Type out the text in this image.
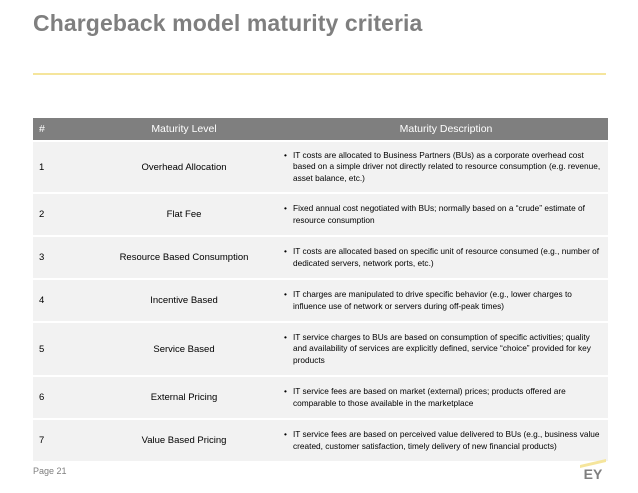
Chargeback model maturity criteria
#	Maturity Level	Maturity Description
1	Overhead Allocation	• IT costs are allocated to Business Partners (BUs) as a corporate overhead cost based on a simple driver not directly related to resource consumption (e.g. revenue, asset balance, etc.)

2	Flat Fee	• Fixed annual cost negotiated with BUs; normally based on a “crude” estimate of resource consumption

3	Resource Based Consumption	• IT costs are allocated based on specific unit of resource consumed (e.g., number of dedicated servers, network ports, etc.)

4	Incentive Based	• IT charges are manipulated to drive specific behavior (e.g., lower charges to influence use of network or servers during off-peak times)

5	Service Based	• IT service charges to BUs are based on consumption of specific activities; quality and availability of services are explicitly defined, service “choice” provided for key products

6	External Pricing	• IT service fees are based on market (external) prices; products offered are comparable to those available in the marketplace

7	Value Based Pricing	• IT service fees are based on perceived value delivered to BUs (e.g., business value created, customer satisfaction, timely delivery of new financial products)
Page 21	EY
